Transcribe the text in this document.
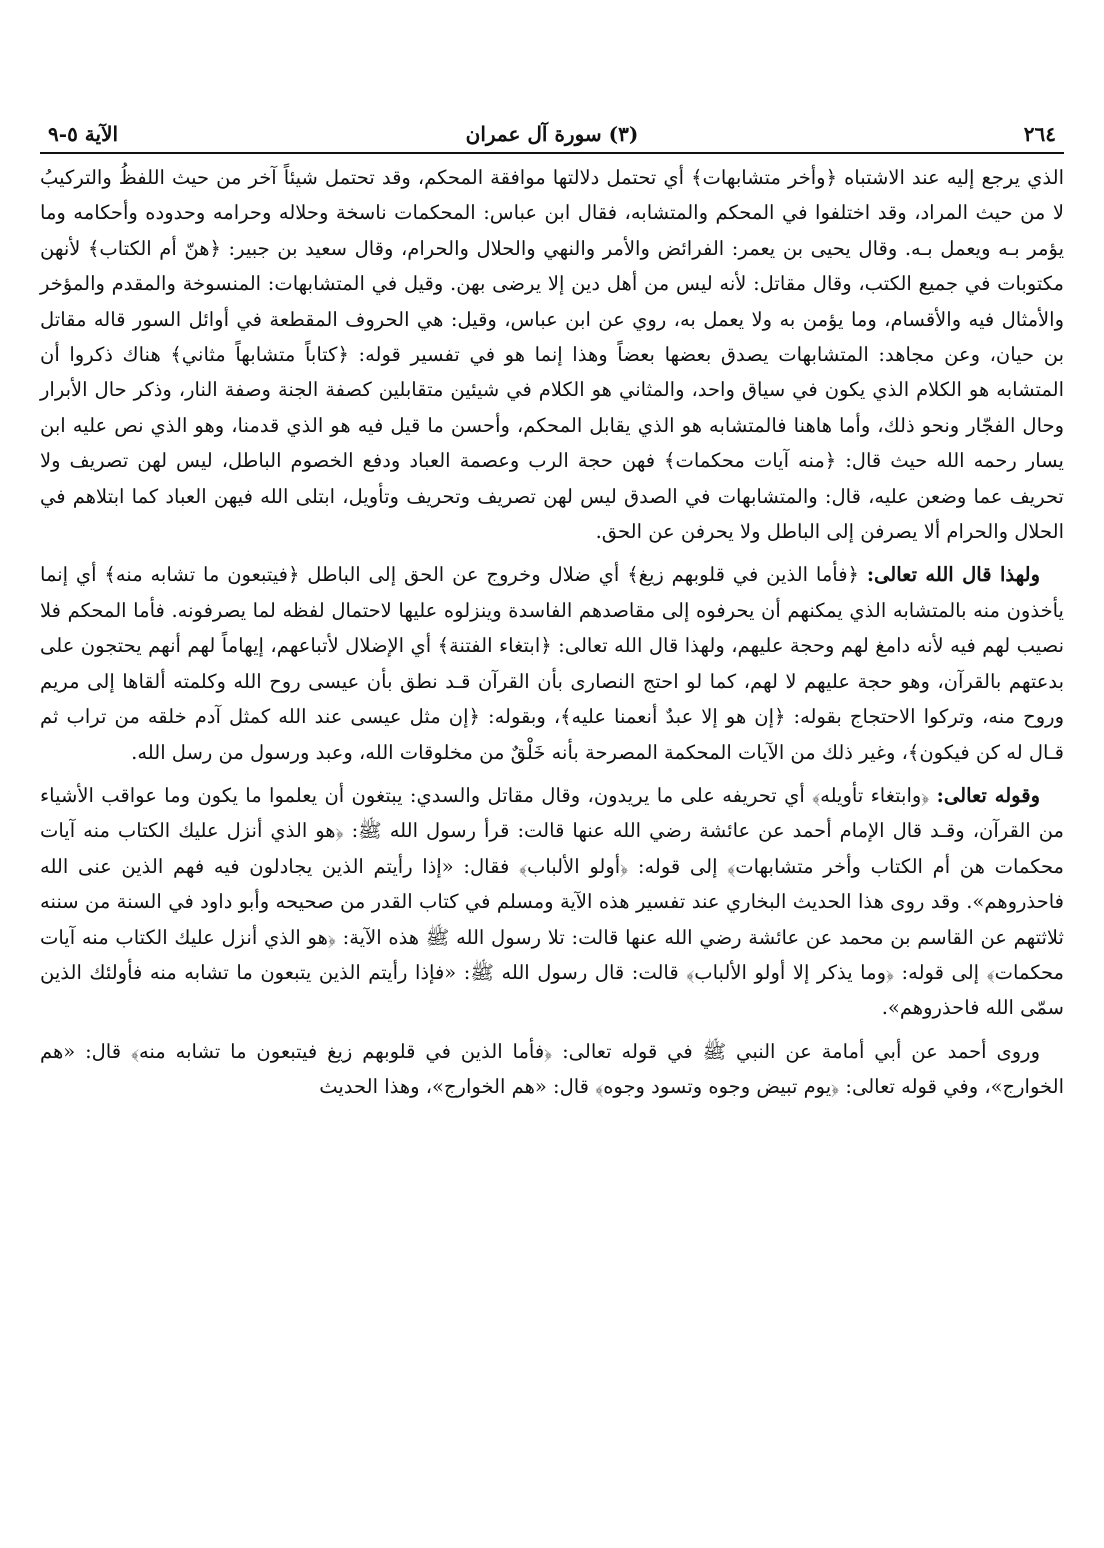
٢٦٤
(٣) سورة آل عمران
الآية ٥-٩

الذي يرجع إليه عند الاشتباه ﴿وأخر متشابهات﴾ أي تحتمل دلالتها موافقة المحكم، وقد تحتمل شيئاً آخر من حيث اللفظُ والتركيبُ لا من حيث المراد، وقد اختلفوا في المحكم والمتشابه، فقال ابن عباس: المحكمات ناسخة وحلاله وحرامه وحدوده وأحكامه وما يؤمر بـه ويعمل بـه. وقال يحيى بن يعمر: الفرائض والأمر والنهي والحلال والحرام، وقال سعيد بن جبير: ﴿هنّ أم الكتاب﴾ لأنهن مكتوبات في جميع الكتب، وقال مقاتل: لأنه ليس من أهل دين إلا يرضى بهن. وقيل في المتشابهات: المنسوخة والمقدم والمؤخر والأمثال فيه والأقسام، وما يؤمن به ولا يعمل به، روي عن ابن عباس، وقيل: هي الحروف المقطعة في أوائل السور قاله مقاتل بن حيان، وعن مجاهد: المتشابهات يصدق بعضها بعضاً وهذا إنما هو في تفسير قوله: ﴿كتاباً متشابهاً مثاني﴾ هناك ذكروا أن المتشابه هو الكلام الذي يكون في سياق واحد، والمثاني هو الكلام في شيئين متقابلين كصفة الجنة وصفة النار، وذكر حال الأبرار وحال الفجّار ونحو ذلك، وأما هاهنا فالمتشابه هو الذي يقابل المحكم، وأحسن ما قيل فيه هو الذي قدمنا، وهو الذي نص عليه ابن يسار رحمه الله حيث قال: ﴿منه آيات محكمات﴾ فهن حجة الرب وعصمة العباد ودفع الخصوم الباطل، ليس لهن تصريف ولا تحريف عما وضعن عليه، قال: والمتشابهات في الصدق ليس لهن تصريف وتحريف وتأويل، ابتلى الله فيهن العباد كما ابتلاهم في الحلال والحرام ألا يصرفن إلى الباطل ولا يحرفن عن الحق.

ولهذا قال الله تعالى: ﴿فأما الذين في قلوبهم زيغ﴾ أي ضلال وخروج عن الحق إلى الباطل ﴿فيتبعون ما تشابه منه﴾ أي إنما يأخذون منه بالمتشابه الذي يمكنهم أن يحرفوه إلى مقاصدهم الفاسدة وينزلوه عليها لاحتمال لفظه لما يصرفونه. فأما المحكم فلا نصيب لهم فيه لأنه دامغ لهم وحجة عليهم، ولهذا قال الله تعالى: ﴿ابتغاء الفتنة﴾ أي الإضلال لأتباعهم، إيهاماً لهم أنهم يحتجون على بدعتهم بالقرآن، وهو حجة عليهم لا لهم، كما لو احتج النصارى بأن القرآن قـد نطق بأن عيسى روح الله وكلمته ألقاها إلى مريم وروح منه، وتركوا الاحتجاج بقوله: ﴿إن هو إلا عبدٌ أنعمنا عليه﴾، وبقوله: ﴿إن مثل عيسى عند الله كمثل آدم خلقه من تراب ثم قـال له كن فيكون﴾، وغير ذلك من الآيات المحكمة المصرحة بأنه خَلْقٌ من مخلوقات الله، وعبد ورسول من رسل الله.

وقوله تعالى: ﴿وابتغاء تأويله﴾ أي تحريفه على ما يريدون، وقال مقاتل والسدي: يبتغون أن يعلموا ما يكون وما عواقب الأشياء من القرآن، وقـد قال الإمام أحمد عن عائشة رضي الله عنها قالت: قرأ رسول الله ﷺ: ﴿هو الذي أنزل عليك الكتاب منه آيات محكمات هن أم الكتاب وأخر متشابهات﴾ إلى قوله: ﴿أولو الألباب﴾ فقال: «إذا رأيتم الذين يجادلون فيه فهم الذين عنى الله فاحذروهم». وقد روى هذا الحديث البخاري عند تفسير هذه الآية ومسلم في كتاب القدر من صحيحه وأبو داود في السنة من سننه ثلاثتهم عن القاسم بن محمد عن عائشة رضي الله عنها قالت: تلا رسول الله ﷺ هذه الآية: ﴿هو الذي أنزل عليك الكتاب منه آيات محكمات﴾ إلى قوله: ﴿وما يذكر إلا أولو الألباب﴾ قالت: قال رسول الله ﷺ: «فإذا رأيتم الذين يتبعون ما تشابه منه فأولئك الذين سمّى الله فاحذروهم».

وروى أحمد عن أبي أمامة عن النبي ﷺ في قوله تعالى: ﴿فأما الذين في قلوبهم زيغ فيتبعون ما تشابه منه﴾ قال: «هم الخوارج»، وفي قوله تعالى: ﴿يوم تبيض وجوه وتسود وجوه﴾ قال: «هم الخوارج»، وهذا الحديث
